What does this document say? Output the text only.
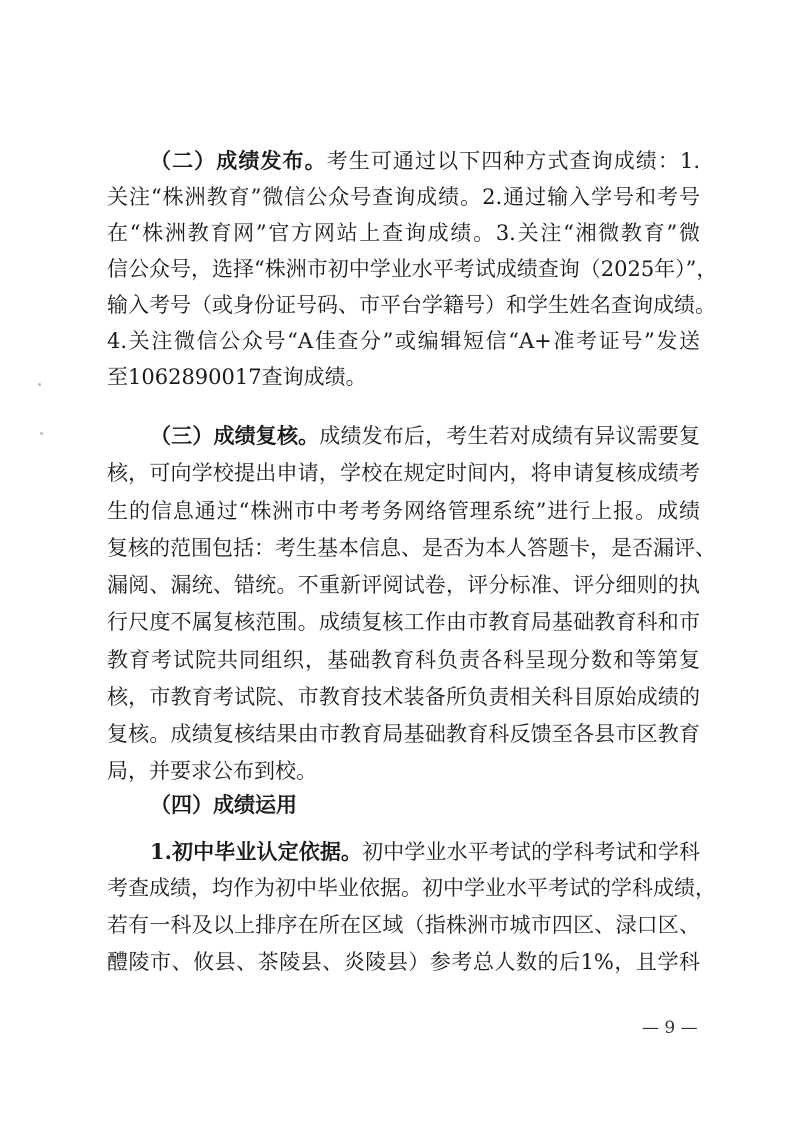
（二）成绩发布。考生可通过以下四种方式查询成绩：1.
关注“株洲教育”微信公众号查询成绩。2.通过输入学号和考号
在“株洲教育网”官方网站上查询成绩。3.关注“湘微教育”微
信公众号，选择“株洲市初中学业水平考试成绩查询（2025年）”，
输入考号（或身份证号码、市平台学籍号）和学生姓名查询成绩。
4.关注微信公众号“A佳查分”或编辑短信“A+准考证号”发送
至1062890017查询成绩。
（三）成绩复核。成绩发布后，考生若对成绩有异议需要复
核，可向学校提出申请，学校在规定时间内，将申请复核成绩考
生的信息通过“株洲市中考考务网络管理系统”进行上报。成绩
复核的范围包括：考生基本信息、是否为本人答题卡，是否漏评、
漏阅、漏统、错统。不重新评阅试卷，评分标准、评分细则的执
行尺度不属复核范围。成绩复核工作由市教育局基础教育科和市
教育考试院共同组织，基础教育科负责各科呈现分数和等第复
核，市教育考试院、市教育技术装备所负责相关科目原始成绩的
复核。成绩复核结果由市教育局基础教育科反馈至各县市区教育
局，并要求公布到校。
（四）成绩运用
1.初中毕业认定依据。初中学业水平考试的学科考试和学科
考查成绩，均作为初中毕业依据。初中学业水平考试的学科成绩，
若有一科及以上排序在所在区域（指株洲市城市四区、渌口区、
醴陵市、攸县、茶陵县、炎陵县）参考总人数的后1%，且学科
— 9 —
